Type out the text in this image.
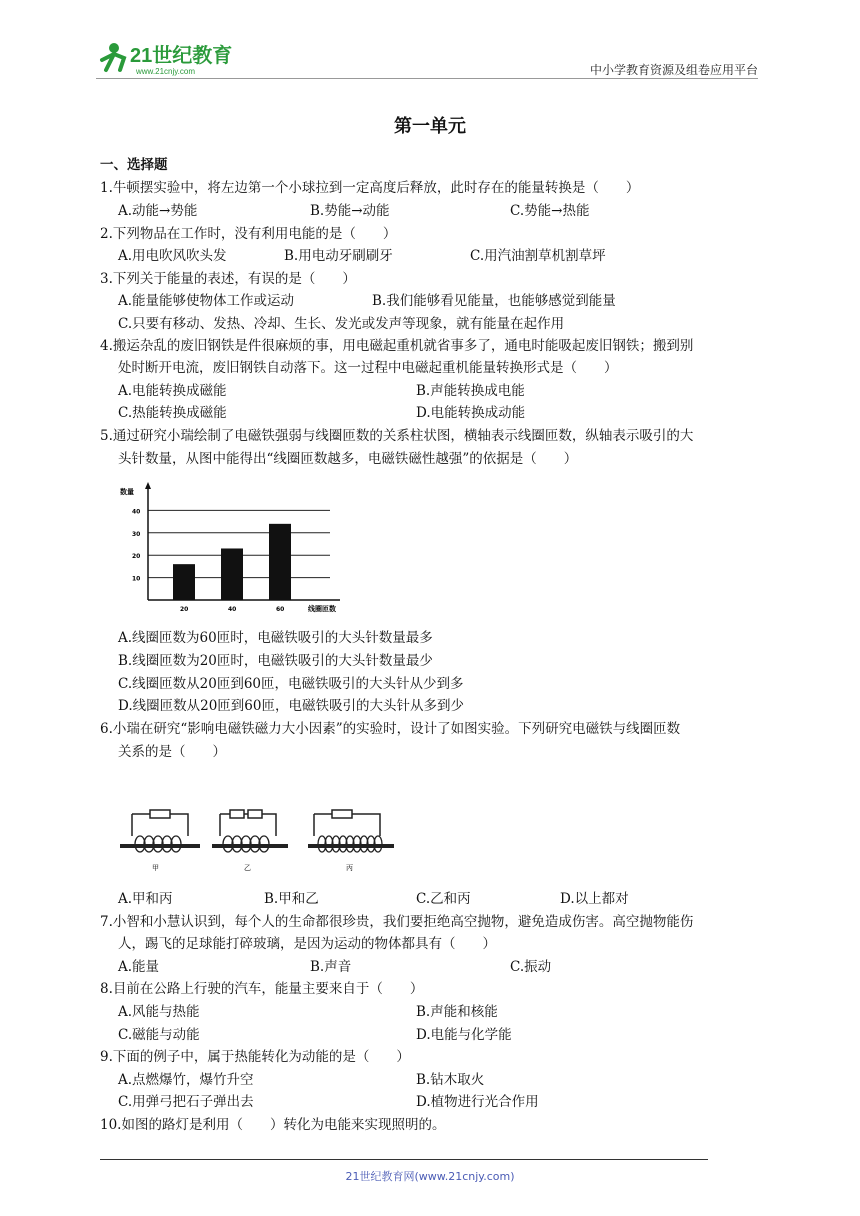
21世纪教育
www.21cnjy.com	中小学教育资源及组卷应用平台
第一单元
一、选择题
1.牛顿摆实验中，将左边第一个小球拉到一定高度后释放，此时存在的能量转换是（　　）
A.动能→势能	B.势能→动能	C.势能→热能
2.下列物品在工作时，没有利用电能的是（　　）
A.用电吹风吹头发	B.用电动牙刷刷牙	C.用汽油割草机割草坪
3.下列关于能量的表述，有误的是（　　）
A.能量能够使物体工作或运动	B.我们能够看见能量，也能够感觉到能量
C.只要有移动、发热、冷却、生长、发光或发声等现象，就有能量在起作用
4.搬运杂乱的废旧钢铁是件很麻烦的事，用电磁起重机就省事多了，通电时能吸起废旧钢铁；搬到别
处时断开电流，废旧钢铁自动落下。这一过程中电磁起重机能量转换形式是（　　）
A.电能转换成磁能	B.声能转换成电能
C.热能转换成磁能	D.电能转换成动能
5.通过研究小瑞绘制了电磁铁强弱与线圈匝数的关系柱状图，横轴表示线圈匝数，纵轴表示吸引的大
头针数量，从图中能得出“线圈匝数越多，电磁铁磁性越强”的依据是（　　）
20	40	60
10
20
30
40
数量
线圈匝数
A.线圈匝数为60匝时，电磁铁吸引的大头针数量最多
B.线圈匝数为20匝时，电磁铁吸引的大头针数量最少
C.线圈匝数从20匝到60匝，电磁铁吸引的大头针从少到多
D.线圈匝数从20匝到60匝，电磁铁吸引的大头针从多到少
6.小瑞在研究“影响电磁铁磁力大小因素”的实验时，设计了如图实验。下列研究电磁铁与线圈匝数
关系的是（　　）
甲	乙	丙
A.甲和丙	B.甲和乙	C.乙和丙	D.以上都对
7.小智和小慧认识到，每个人的生命都很珍贵，我们要拒绝高空抛物，避免造成伤害。高空抛物能伤
人，踢飞的足球能打碎玻璃，是因为运动的物体都具有（　　）
A.能量	B.声音	C.振动
8.目前在公路上行驶的汽车，能量主要来自于（　　）
A.风能与热能	B.声能和核能
C.磁能与动能	D.电能与化学能
9.下面的例子中，属于热能转化为动能的是（　　）
A.点燃爆竹，爆竹升空	B.钻木取火
C.用弹弓把石子弹出去	D.植物进行光合作用
10.如图的路灯是利用（　　）转化为电能来实现照明的。
21世纪教育网(www.21cnjy.com)
